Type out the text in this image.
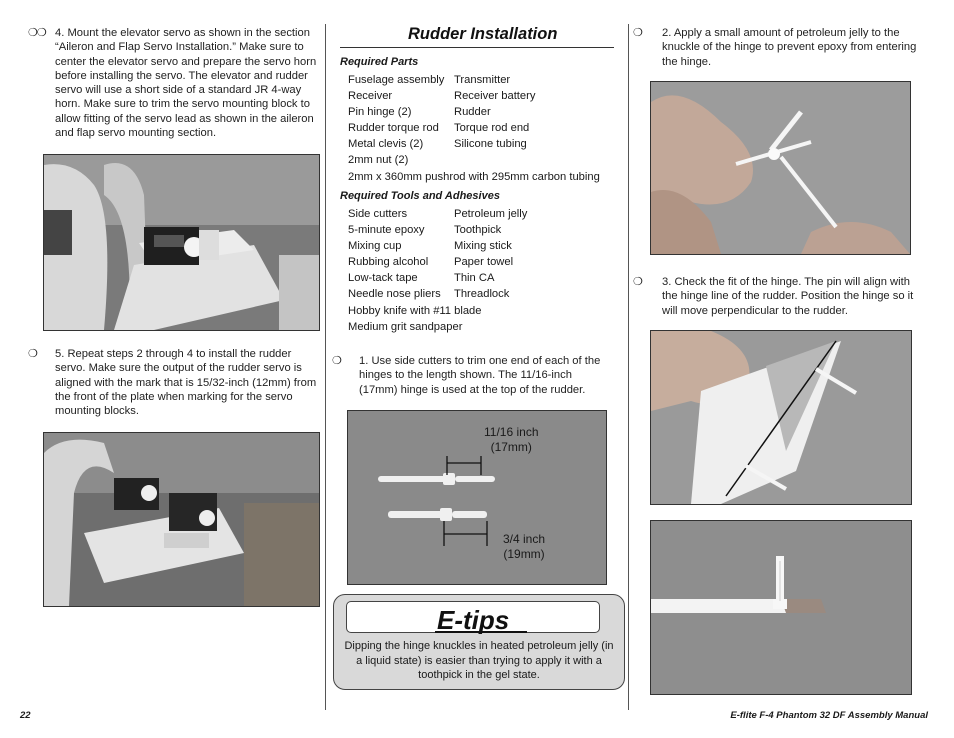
❍❍ 4. Mount the elevator servo as shown in the section “Aileron and Flap Servo Installation.” Make sure to center the elevator servo and prepare the servo horn before installing the servo. The elevator and rudder servo will use a short side of a standard JR 4-way horn. Make sure to trim the servo mounting block to allow fitting of the servo lead as shown in the aileron and flap servo mounting section.
❍	5. Repeat steps 2 through 4 to install the rudder servo. Make sure the output of the rudder servo is aligned with the mark that is 15/32-inch (12mm) from the front of the plate when marking for the servo mounting blocks.
Rudder Installation
Required Parts
Fuselage assembly Transmitter
Receiver	Receiver battery
Pin hinge (2)	Rudder
Rudder torque rod Torque rod end
Metal clevis (2)	Silicone tubing
2mm nut (2)
2mm x 360mm pushrod with 295mm carbon tubing
Required Tools and Adhesives
Side cutters	Petroleum jelly
5-minute epoxy	Toothpick
Mixing cup	Mixing stick
Rubbing alcohol Paper towel
Low-tack tape	Thin CA
Needle nose pliers Threadlock
Hobby knife with #11 blade
Medium grit sandpaper
❍	1. Use side cutters to trim one end of each of the hinges to the length shown. The 11/16-inch (17mm) hinge is used at the top of the rudder.
11/16 inch
(17mm)
3/4 inch
(19mm)
E-tips
Dipping the hinge knuckles in heated petroleum jelly (in a liquid state) is easier than trying to apply it with a toothpick in the gel state.
❍	2. Apply a small amount of petroleum jelly to the knuckle of the hinge to prevent epoxy from entering the hinge.
❍	3. Check the fit of the hinge. The pin will align with the hinge line of the rudder. Position the hinge so it will move perpendicular to the rudder.
22	E-flite F-4 Phantom 32 DF Assembly Manual
